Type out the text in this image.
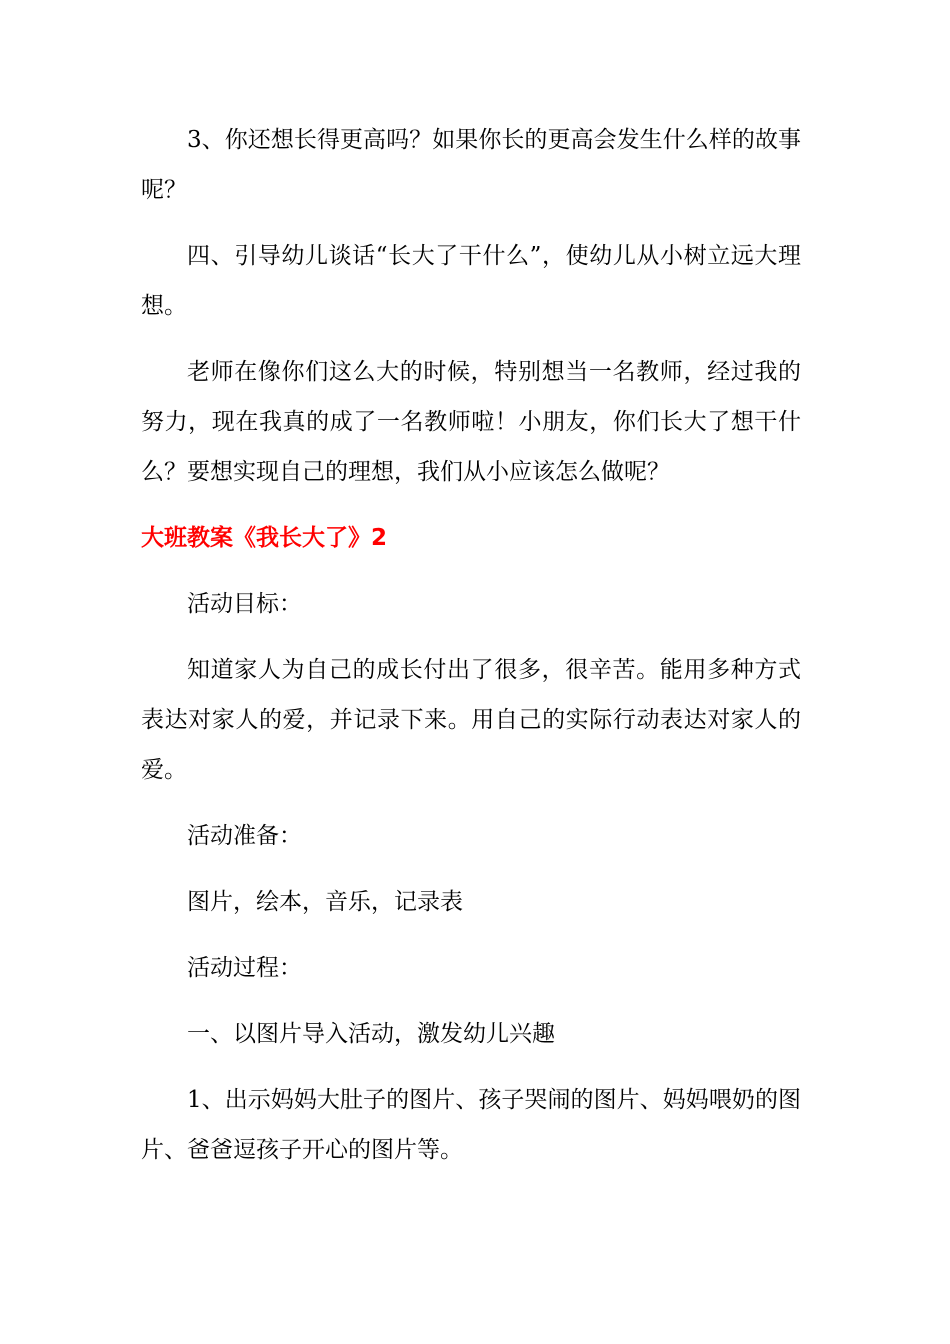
3、你还想长得更高吗？如果你长的更高会发生什么样的故事呢？

四、引导幼儿谈话“长大了干什么”，使幼儿从小树立远大理想。

老师在像你们这么大的时候，特别想当一名教师，经过我的努力，现在我真的成了一名教师啦！小朋友，你们长大了想干什么？要想实现自己的理想，我们从小应该怎么做呢？

大班教案《我长大了》2

活动目标：

知道家人为自己的成长付出了很多，很辛苦。能用多种方式表达对家人的爱，并记录下来。用自己的实际行动表达对家人的爱。

活动准备：

图片，绘本，音乐，记录表

活动过程：

一、以图片导入活动，激发幼儿兴趣

1、出示妈妈大肚子的图片、孩子哭闹的图片、妈妈喂奶的图片、爸爸逗孩子开心的图片等。
